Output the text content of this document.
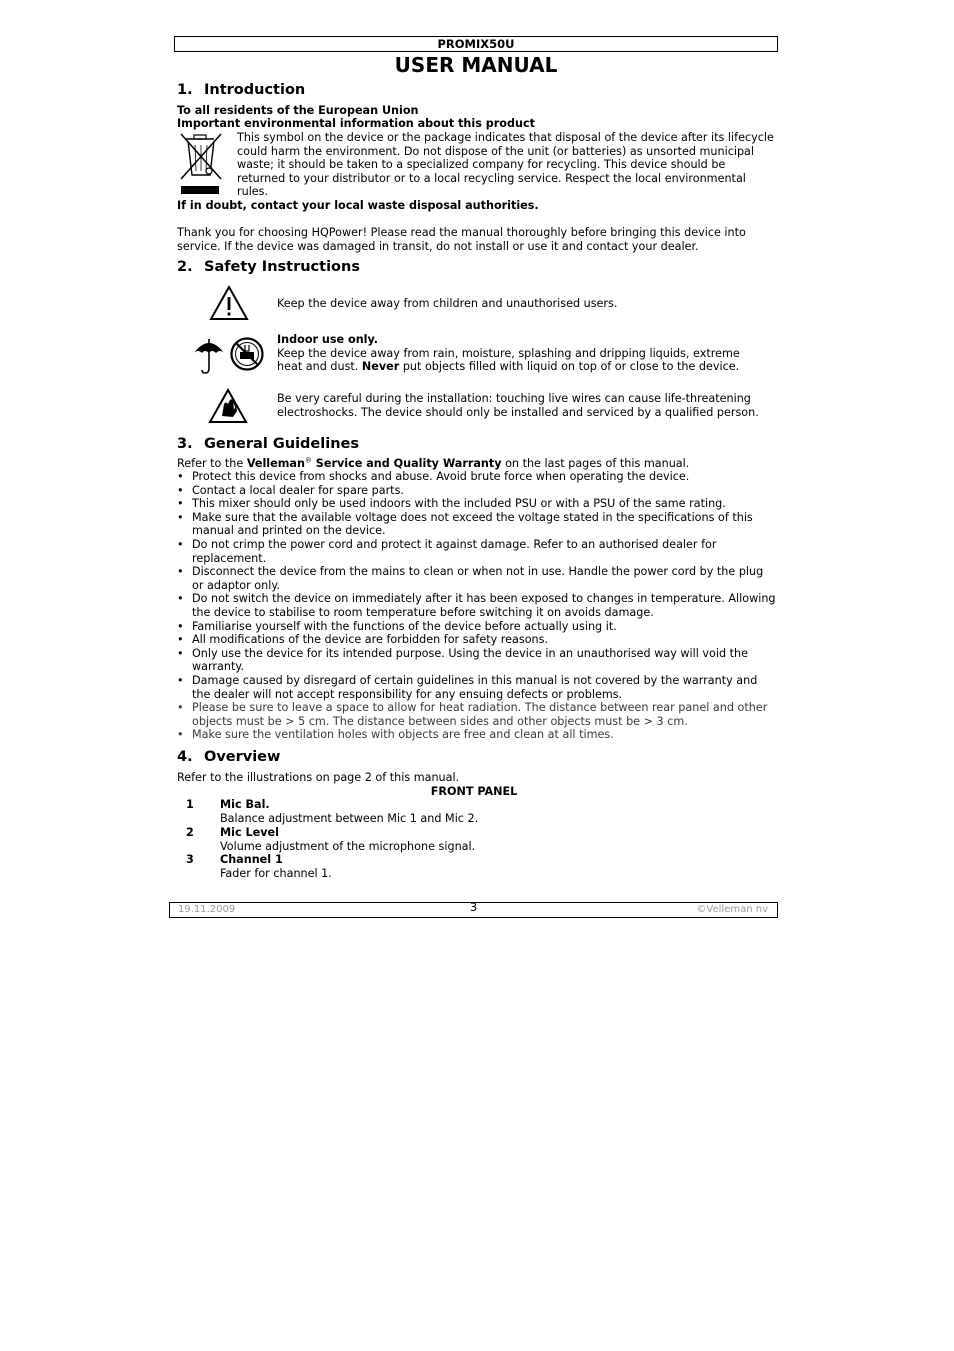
PROMIX50U
USER MANUAL
1. Introduction
To all residents of the European Union
Important environmental information about this product
This symbol on the device or the package indicates that disposal of the device after its lifecycle
could harm the environment. Do not dispose of the unit (or batteries) as unsorted municipal
waste; it should be taken to a specialized company for recycling. This device should be
returned to your distributor or to a local recycling service. Respect the local environmental
rules.
If in doubt, contact your local waste disposal authorities.
Thank you for choosing HQPower! Please read the manual thoroughly before bringing this device into
service. If the device was damaged in transit, do not install or use it and contact your dealer.
2. Safety Instructions
Keep the device away from children and unauthorised users.
Indoor use only.
Keep the device away from rain, moisture, splashing and dripping liquids, extreme
heat and dust. Never put objects filled with liquid on top of or close to the device.
Be very careful during the installation: touching live wires can cause life-threatening
electroshocks. The device should only be installed and serviced by a qualified person.
3. General Guidelines
Refer to the Velleman® Service and Quality Warranty on the last pages of this manual.
• Protect this device from shocks and abuse. Avoid brute force when operating the device.
• Contact a local dealer for spare parts.
• This mixer should only be used indoors with the included PSU or with a PSU of the same rating.
• Make sure that the available voltage does not exceed the voltage stated in the specifications of this manual and printed on the device.
• Do not crimp the power cord and protect it against damage. Refer to an authorised dealer for replacement.
• Disconnect the device from the mains to clean or when not in use. Handle the power cord by the plug or adaptor only.
• Do not switch the device on immediately after it has been exposed to changes in temperature. Allowing the device to stabilise to room temperature before switching it on avoids damage.
• Familiarise yourself with the functions of the device before actually using it.
• All modifications of the device are forbidden for safety reasons.
• Only use the device for its intended purpose. Using the device in an unauthorised way will void the warranty.
• Damage caused by disregard of certain guidelines in this manual is not covered by the warranty and the dealer will not accept responsibility for any ensuing defects or problems.
• Please be sure to leave a space to allow for heat radiation. The distance between rear panel and other objects must be > 5 cm. The distance between sides and other objects must be > 3 cm.
• Make sure the ventilation holes with objects are free and clean at all times.
4. Overview
Refer to the illustrations on page 2 of this manual.
FRONT PANEL
1 Mic Bal.
Balance adjustment between Mic 1 and Mic 2.
2 Mic Level
Volume adjustment of the microphone signal.
3 Channel 1
Fader for channel 1.
19.11.2009	3	©Velleman nv
